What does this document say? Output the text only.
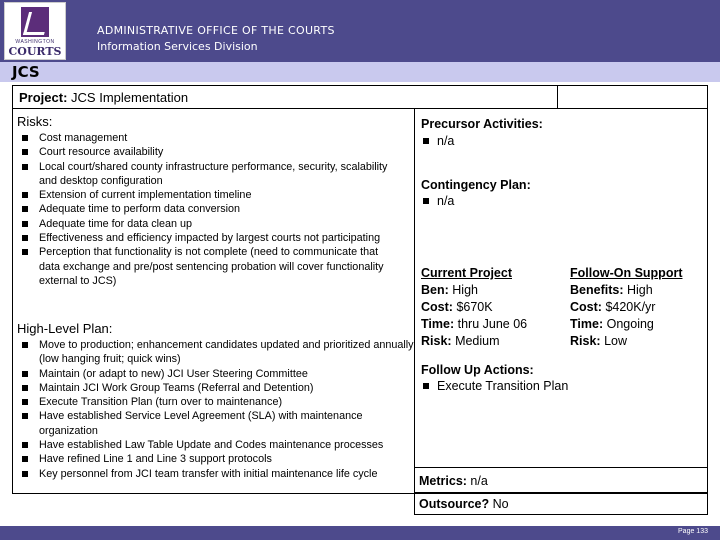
WASHINGTON
COURTS
ADMINISTRATIVE OFFICE OF THE COURTS
Information Services Division
JCS
Project: JCS Implementation
Risks:
Cost management
Court resource availability
Local court/shared county infrastructure performance, security, scalability and desktop configuration
Extension of current implementation timeline
Adequate time to perform data conversion
Adequate time for data clean up
Effectiveness and efficiency impacted by largest courts not participating
Perception that functionality is not complete (need to communicate that data exchange and pre/post sentencing probation will cover functionality external to JCS)
High-Level Plan:
Move to production; enhancement candidates updated and prioritized annually (low hanging fruit; quick wins)
Maintain (or adapt to new) JCI User Steering Committee
Maintain JCI Work Group Teams (Referral and Detention)
Execute Transition Plan (turn over to maintenance)
Have established Service Level Agreement (SLA) with maintenance organization
Have established Law Table Update and Codes maintenance processes
Have refined Line 1 and Line 3 support protocols
Key personnel from JCI team transfer with initial maintenance life cycle
Precursor Activities:
n/a
Contingency Plan:
n/a
Current Project
Ben: High
Cost: $670K
Time: thru June 06
Risk: Medium
Follow-On Support
Benefits: High
Cost: $420K/yr
Time: Ongoing
Risk: Low
Follow Up Actions:
Execute Transition Plan
Metrics: n/a
Outsource? No
Page 133
